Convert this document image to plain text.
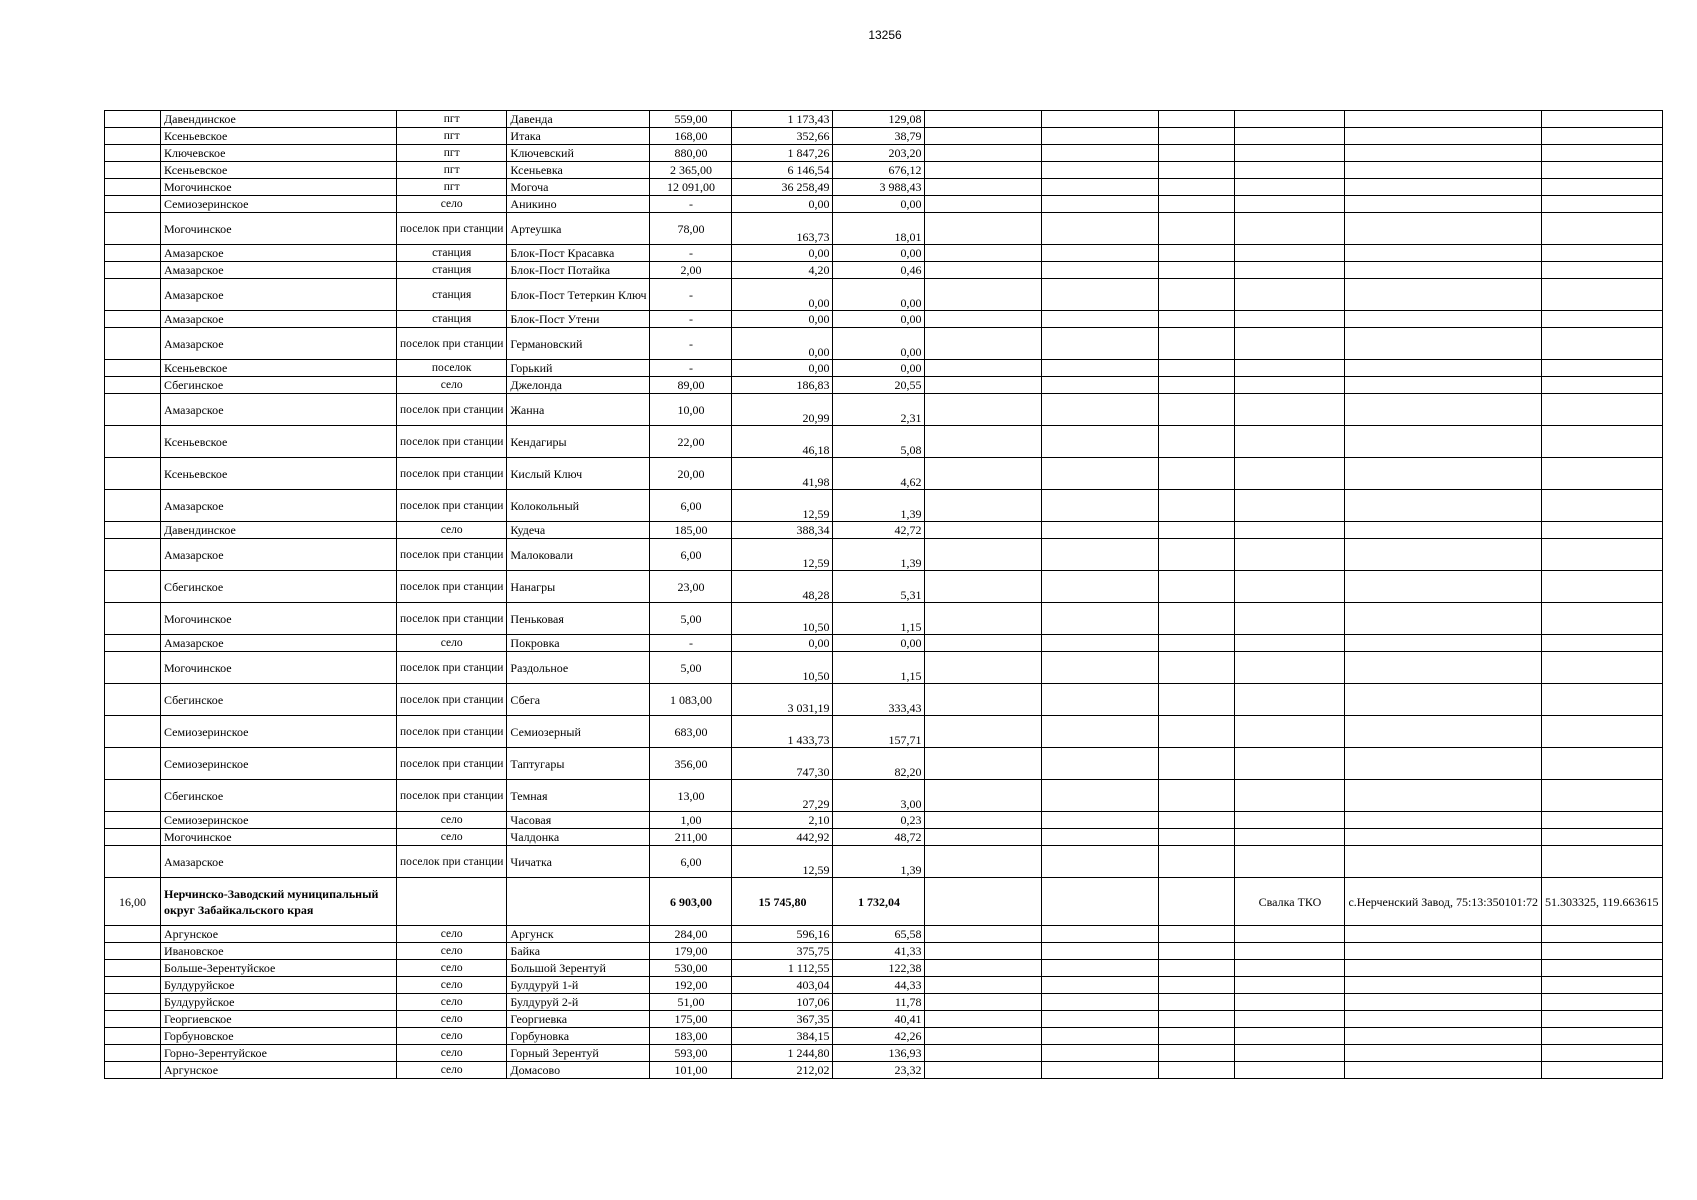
13256
	Давендинское	пгт	Давенда	559,00	1 173,43	129,08						
	Ксеньевское	пгт	Итака	168,00	352,66	38,79						
	Ключевское	пгт	Ключевский	880,00	1 847,26	203,20						
	Ксеньевское	пгт	Ксеньевка	2 365,00	6 146,54	676,12						
	Могочинское	пгт	Могоча	12 091,00	36 258,49	3 988,43						
	Семиозеринское	село	Аникино	-	0,00	0,00						
	Могочинское	поселок при станции	Артеушка	78,00	163,73	18,01						
	Амазарское	станция	Блок-Пост Красавка	-	0,00	0,00						
	Амазарское	станция	Блок-Пост Потайка	2,00	4,20	0,46						
	Амазарское	станция	Блок-Пост Тетеркин Ключ	-	0,00	0,00						
	Амазарское	станция	Блок-Пост Утени	-	0,00	0,00						
	Амазарское	поселок при станции	Германовский	-	0,00	0,00						
	Ксеньевское	поселок	Горький	-	0,00	0,00						
	Сбегинское	село	Джелонда	89,00	186,83	20,55						
	Амазарское	поселок при станции	Жанна	10,00	20,99	2,31						
	Ксеньевское	поселок при станции	Кендагиры	22,00	46,18	5,08						
	Ксеньевское	поселок при станции	Кислый Ключ	20,00	41,98	4,62						
	Амазарское	поселок при станции	Колокольный	6,00	12,59	1,39						
	Давендинское	село	Кудеча	185,00	388,34	42,72						
	Амазарское	поселок при станции	Малоковали	6,00	12,59	1,39						
	Сбегинское	поселок при станции	Нанагры	23,00	48,28	5,31						
	Могочинское	поселок при станции	Пеньковая	5,00	10,50	1,15						
	Амазарское	село	Покровка	-	0,00	0,00						
	Могочинское	поселок при станции	Раздольное	5,00	10,50	1,15						
	Сбегинское	поселок при станции	Сбега	1 083,00	3 031,19	333,43						
	Семиозеринское	поселок при станции	Семиозерный	683,00	1 433,73	157,71						
	Семиозеринское	поселок при станции	Таптугары	356,00	747,30	82,20						
	Сбегинское	поселок при станции	Темная	13,00	27,29	3,00						
	Семиозеринское	село	Часовая	1,00	2,10	0,23						
	Могочинское	село	Чалдонка	211,00	442,92	48,72						
	Амазарское	поселок при станции	Чичатка	6,00	12,59	1,39						
16,00	Нерчинско-Заводский муниципальный округ Забайкальского края			6 903,00	15 745,80	1 732,04				Свалка ТКО	с.Нерченский Завод, 75:13:350101:72	51.303325, 119.663615
	Аргунское	село	Аргунск	284,00	596,16	65,58						
	Ивановское	село	Байка	179,00	375,75	41,33						
	Больше-Зерентуйское	село	Большой Зерентуй	530,00	1 112,55	122,38						
	Булдуруйское	село	Булдуруй 1-й	192,00	403,04	44,33						
	Булдуруйское	село	Булдуруй 2-й	51,00	107,06	11,78						
	Георгиевское	село	Георгиевка	175,00	367,35	40,41						
	Горбуновское	село	Горбуновка	183,00	384,15	42,26						
	Горно-Зерентуйское	село	Горный Зерентуй	593,00	1 244,80	136,93						
	Аргунское	село	Домасово	101,00	212,02	23,32						
